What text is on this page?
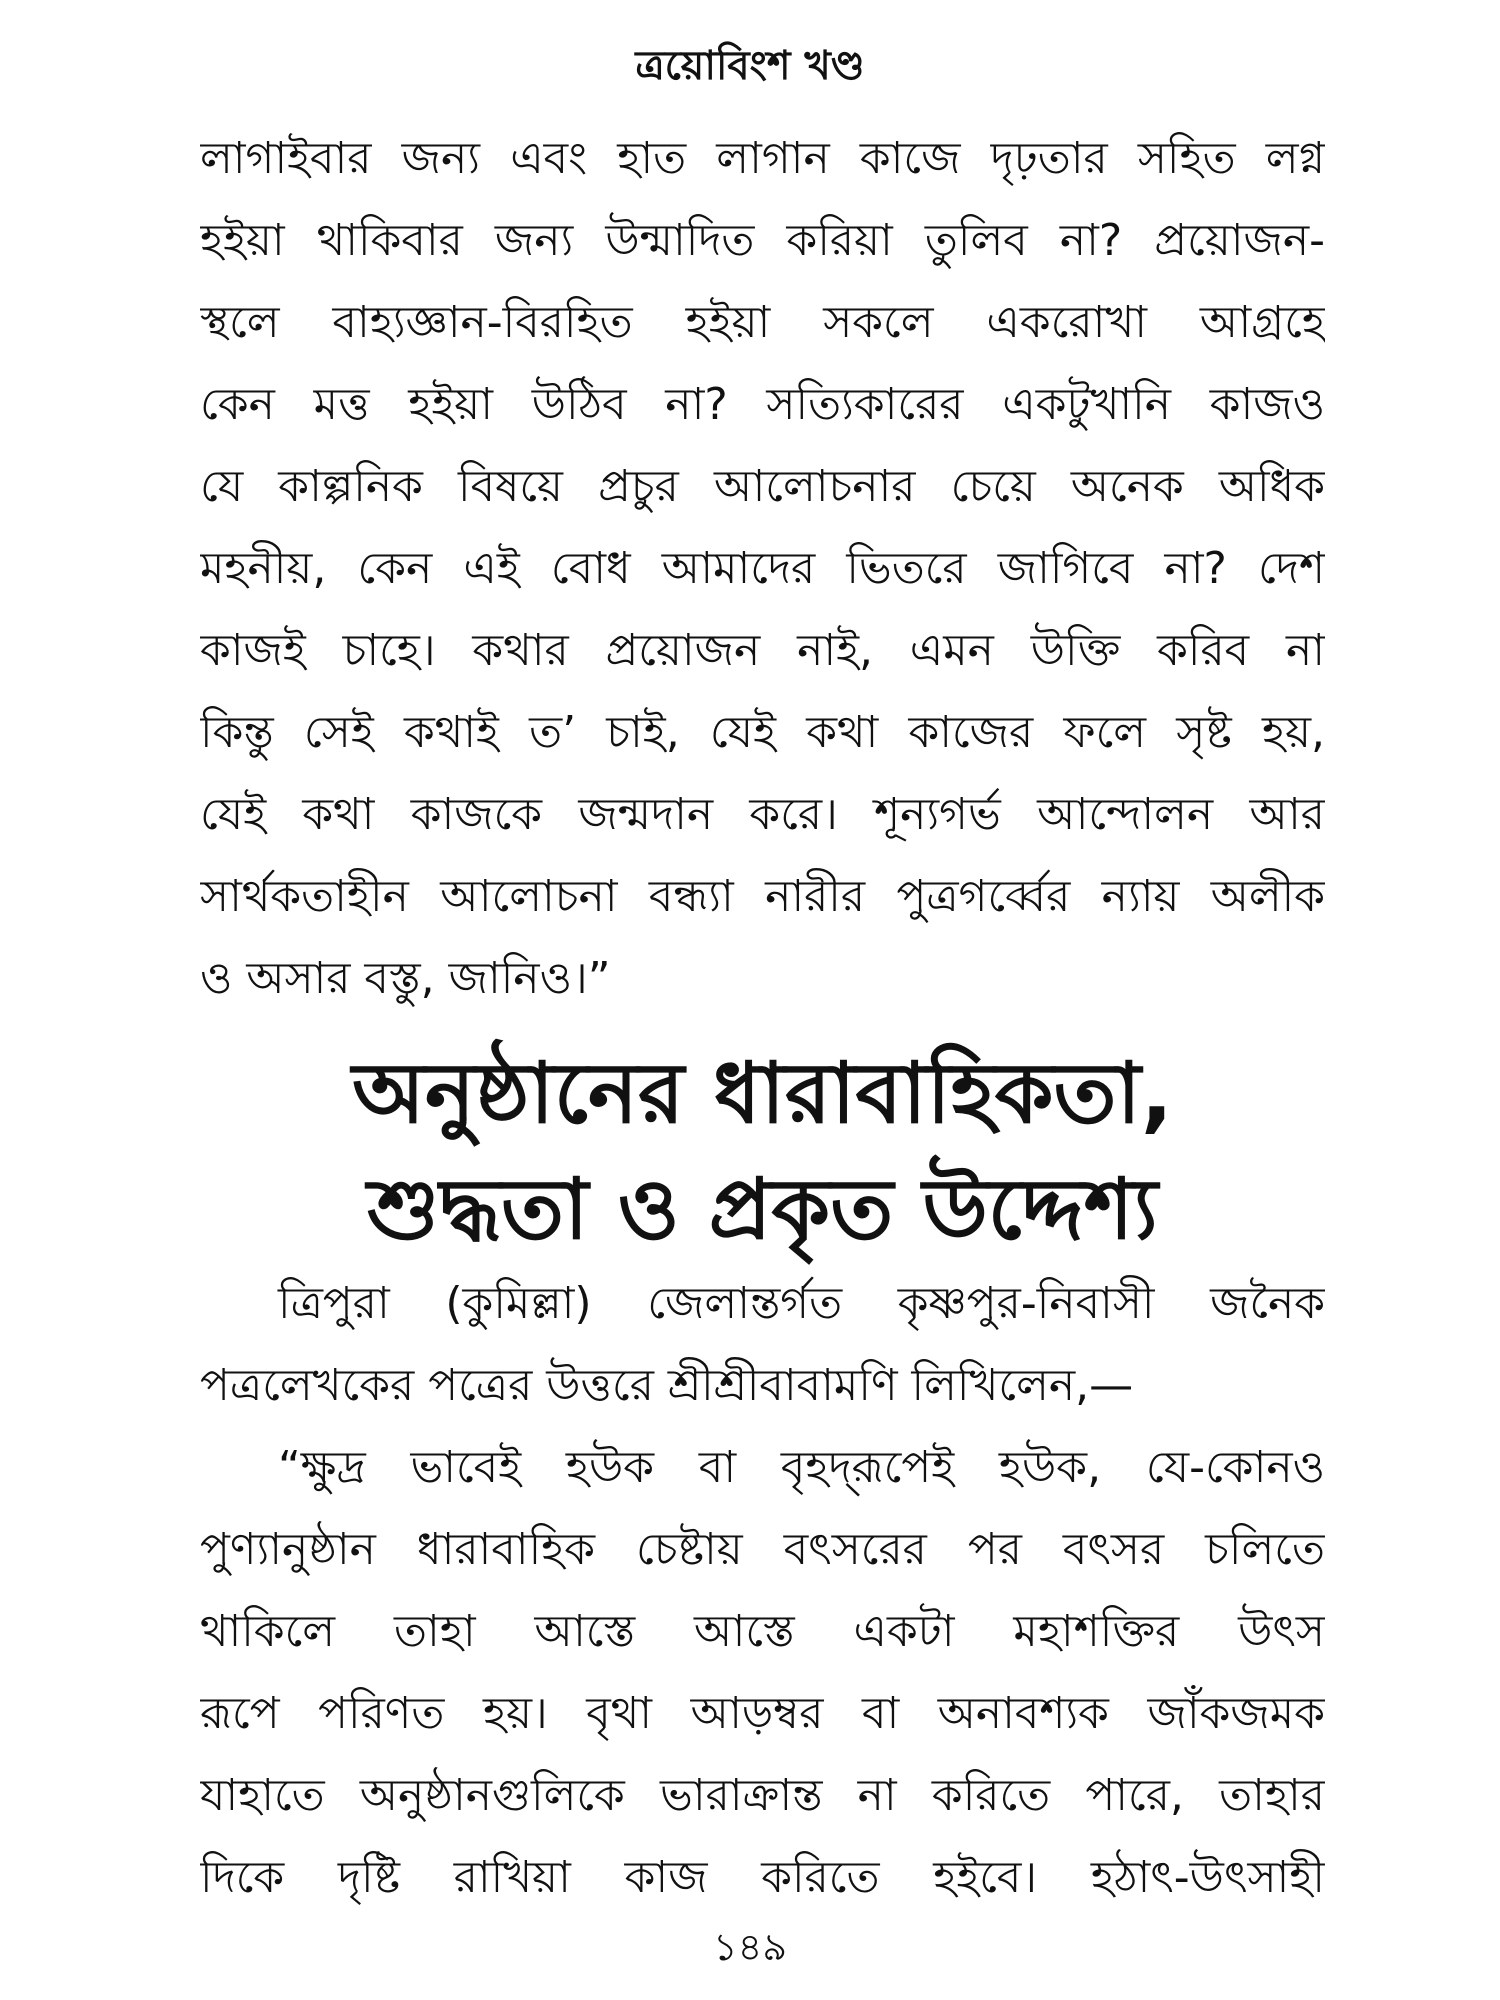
ত্রয়োবিংশ খণ্ড
লাগাইবার জন্য এবং হাত লাগান কাজে দৃঢ়তার সহিত লগ্ন
হইয়া থাকিবার জন্য উন্মাদিত করিয়া তুলিব না? প্রয়োজন-
স্থলে বাহ্যজ্ঞান-বিরহিত হইয়া সকলে একরোখা আগ্রহে
কেন মত্ত হইয়া উঠিব না? সত্যিকারের একটুখানি কাজও
যে কাল্পনিক বিষয়ে প্রচুর আলোচনার চেয়ে অনেক অধিক
মহনীয়, কেন এই বোধ আমাদের ভিতরে জাগিবে না? দেশ
কাজই চাহে। কথার প্রয়োজন নাই, এমন উক্তি করিব না
কিন্তু সেই কথাই ত’ চাই, যেই কথা কাজের ফলে সৃষ্ট হয়,
যেই কথা কাজকে জন্মদান করে। শূন্যগর্ভ আন্দোলন আর
সার্থকতাহীন আলোচনা বন্ধ্যা নারীর পুত্রগর্ব্বের ন্যায় অলীক
ও অসার বস্তু, জানিও।”
অনুষ্ঠানের ধারাবাহিকতা,
শুদ্ধতা ও প্রকৃত উদ্দেশ্য
ত্রিপুরা (কুমিল্লা) জেলান্তর্গত কৃষ্ণপুর-নিবাসী জনৈক
পত্রলেখকের পত্রের উত্তরে শ্রীশ্রীবাবামণি লিখিলেন,—
“ক্ষুদ্র ভাবেই হউক বা বৃহদ্‌রূপেই হউক, যে-কোনও
পুণ্যানুষ্ঠান ধারাবাহিক চেষ্টায় বৎসরের পর বৎসর চলিতে
থাকিলে তাহা আস্তে আস্তে একটা মহাশক্তির উৎস
রূপে পরিণত হয়। বৃথা আড়ম্বর বা অনাবশ্যক জাঁকজমক
যাহাতে অনুষ্ঠানগুলিকে ভারাক্রান্ত না করিতে পারে, তাহার
দিকে দৃষ্টি রাখিয়া কাজ করিতে হইবে। হঠাৎ-উৎসাহী
১৪৯
